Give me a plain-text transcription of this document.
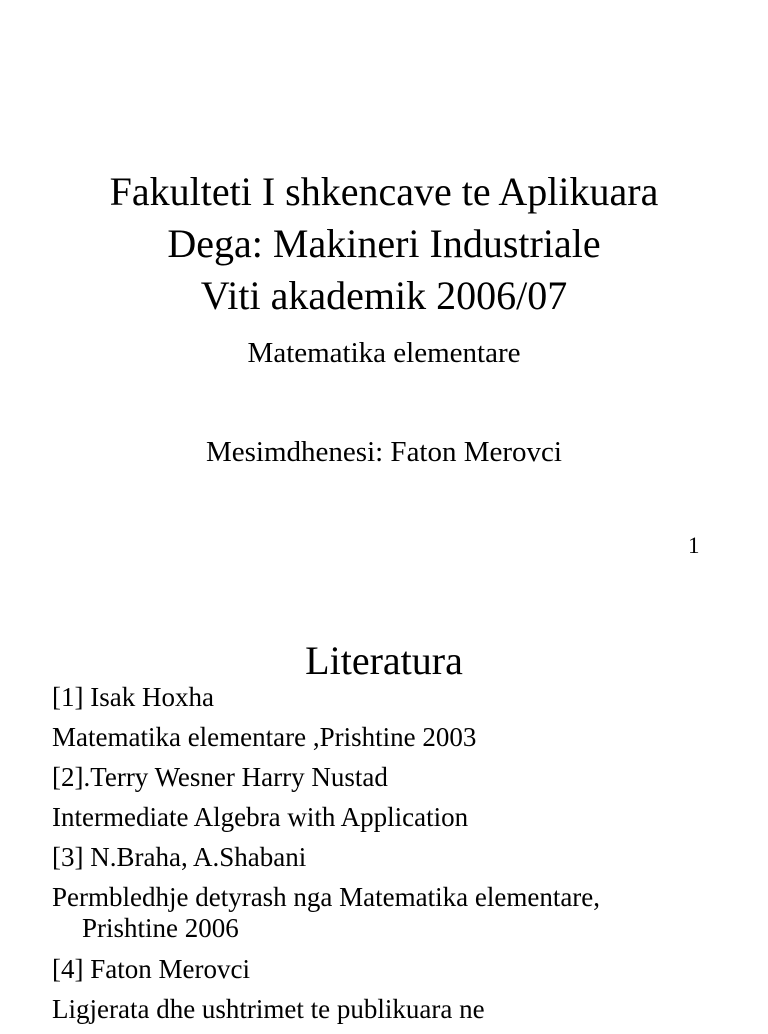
Fakulteti I shkencave te Aplikuara
Dega: Makineri Industriale
Viti akademik 2006/07
Matematika elementare
Mesimdhenesi: Faton Merovci
1
Literatura
[1] Isak Hoxha
Matematika elementare ,Prishtine 2003
[2].Terry Wesner Harry Nustad
Intermediate Algebra with Application
[3] N.Braha, A.Shabani
Permbledhje detyrash nga Matematika elementare,
Prishtine 2006
[4] Faton Merovci
Ligjerata dhe ushtrimet te publikuara ne
